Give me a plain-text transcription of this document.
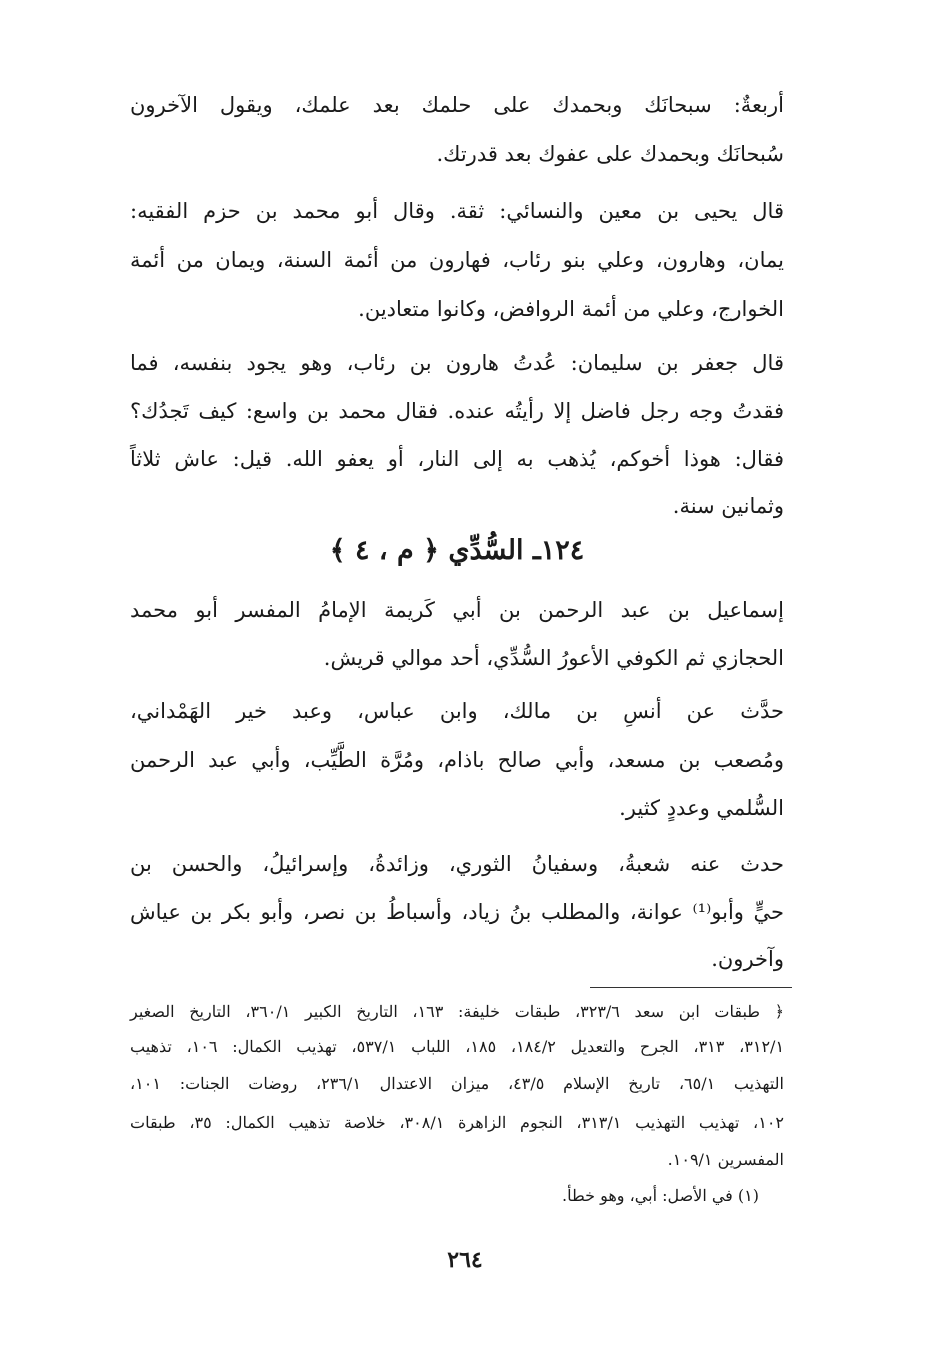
أربعةٌ: سبحانَك وبحمدك على حلمك بعد علمك، ويقول الآخرون
سُبحانَك وبحمدك على عفوك بعد قدرتك.
قال يحيى بن معين والنسائي: ثقة. وقال أبو محمد بن حزم الفقيه:
يمان، وهارون، وعلي بنو رئاب، فهارون من أئمة السنة، ويمان من أئمة
الخوارج، وعلي من أئمة الروافض، وكانوا متعادين.
قال جعفر بن سليمان: عُدتُ هارون بن رئاب، وهو يجود بنفسه، فما
فقدتُ وجه رجل فاضل إلا رأيتُه عنده. فقال محمد بن واسع: كيف تَجدُك؟
فقال: هوذا أخوكم، يُذهب به إلى النار، أو يعفو الله. قيل: عاش ثلاثاً
وثمانين سنة.
١٢٤ـ السُّدِّي ﴿ م ، ٤ ﴾
إسماعيل بن عبد الرحمن بن أبي كَريمة الإمامُ المفسر أبو محمد
الحجازي ثم الكوفي الأعورُ السُّدِّي، أحد موالي قريش.
حدَّث عن أنسِ بن مالك، وابن عباس، وعبد خير الهَمْداني،
ومُصعب بن مسعد، وأبي صالح باذام، ومُرَّة الطَّيِّب، وأبي عبد الرحمن
السُّلمي وعددٍ كثير.
حدث عنه شعبةُ، وسفيانُ الثوري، وزائدةُ، وإسرائيلُ، والحسن بن
حيٍّ وأبو⁽¹⁾ عوانة، والمطلب بنُ زياد، وأسباطُ بن نصر، وأبو بكر بن عياش
وآخرون.
﴿ طبقات ابن سعد ٣٢٣/٦، طبقات خليفة: ١٦٣، التاريخ الكبير ٣٦٠/١، التاريخ الصغير
٣١٢/١، ٣١٣، الجرح والتعديل ١٨٤/٢، ١٨٥، اللباب ٥٣٧/١، تهذيب الكمال: ١٠٦، تذهيب
التهذيب ٦٥/١، تاريخ الإسلام ٤٣/٥، ميزان الاعتدال ٢٣٦/١، روضات الجنات: ١٠١،
١٠٢، تهذيب التهذيب ٣١٣/١، النجوم الزاهرة ٣٠٨/١، خلاصة تذهيب الكمال: ٣٥، طبقات
المفسرين ١٠٩/١.
(١) في الأصل: أبي، وهو خطأ.
٢٦٤
